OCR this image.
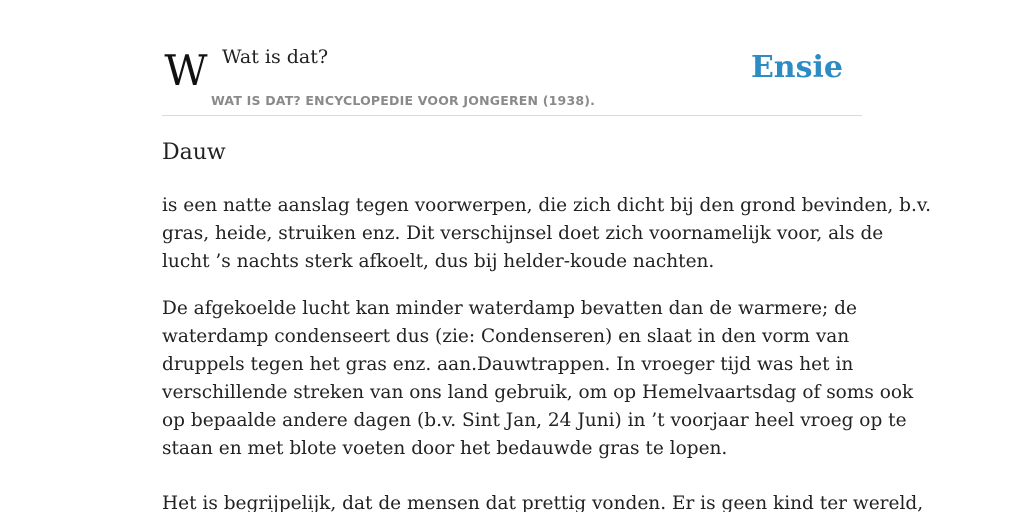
W Wat is dat?
WAT IS DAT? ENCYCLOPEDIE VOOR JONGEREN (1938).
Ensie
Dauw

is een natte aanslag tegen voorwerpen, die zich dicht bij den grond bevinden, b.v.
gras, heide, struiken enz. Dit verschijnsel doet zich voornamelijk voor, als de
lucht ’s nachts sterk afkoelt, dus bij helder-koude nachten.

De afgekoelde lucht kan minder waterdamp bevatten dan de warmere; de
waterdamp condenseert dus (zie: Condenseren) en slaat in den vorm van
druppels tegen het gras enz. aan.Dauwtrappen. In vroeger tijd was het in
verschillende streken van ons land gebruik, om op Hemelvaartsdag of soms ook
op bepaalde andere dagen (b.v. Sint Jan, 24 Juni) in ’t voorjaar heel vroeg op te
staan en met blote voeten door het bedauwde gras te lopen.

Het is begrijpelijk, dat de mensen dat prettig vonden. Er is geen kind ter wereld,
